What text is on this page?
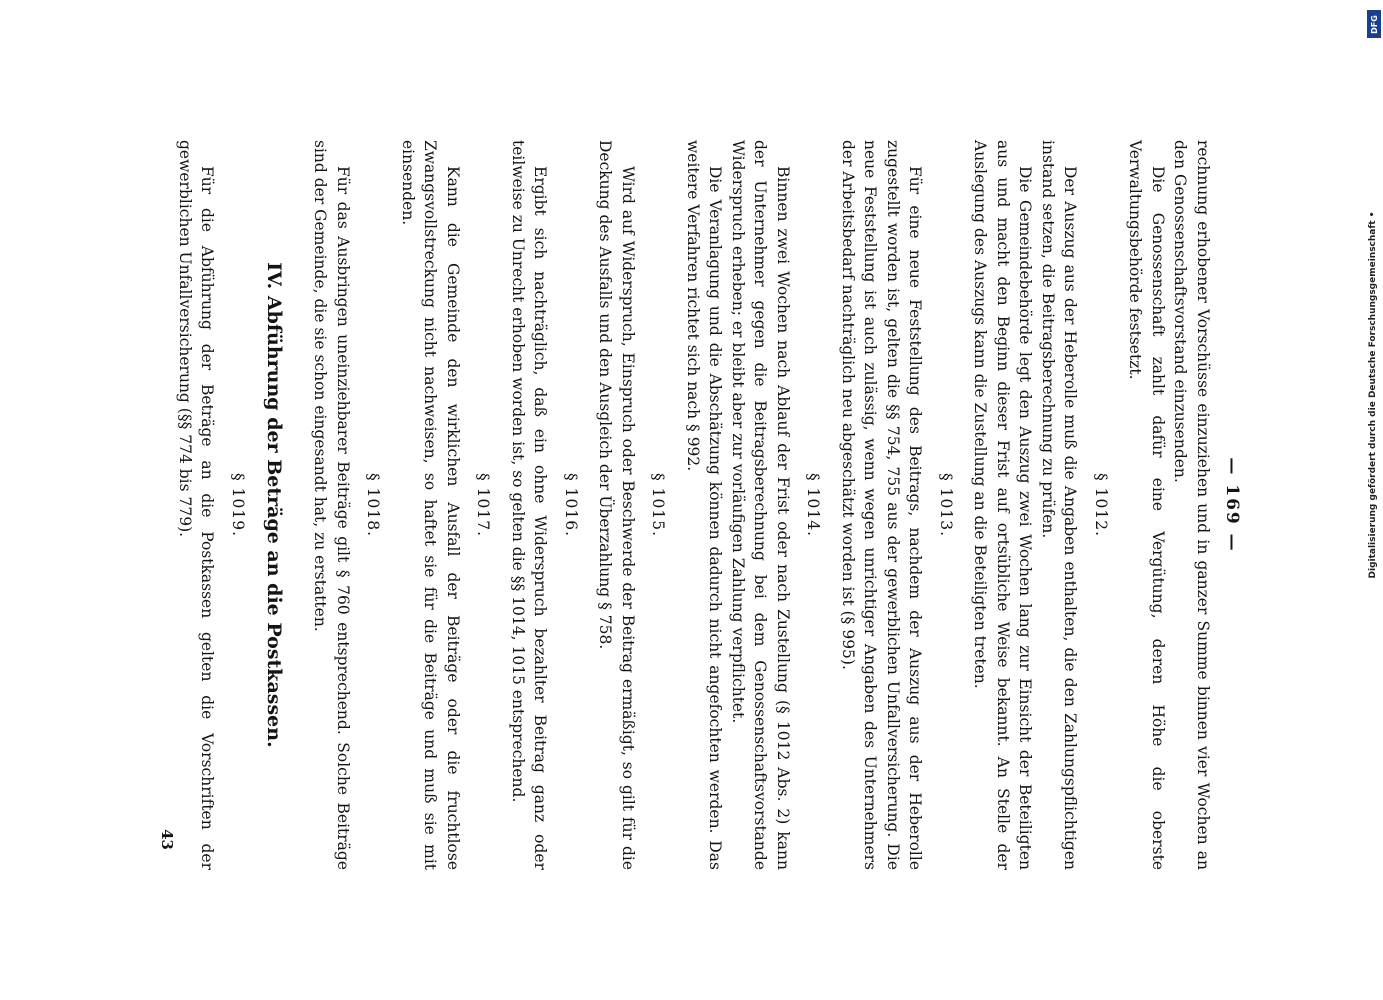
— 169 —

rechnung erhobener Vorschüsse einzuziehen und in ganzer Summe binnen vier Wochen an den Genossenschaftsvorstand einzusenden.

Die Genossenschaft zahlt dafür eine Vergütung, deren Höhe die oberste Verwaltungsbehörde festsetzt.

§ 1012.

Der Auszug aus der Heberolle muß die Angaben enthalten, die den Zahlungspflichtigen instand setzen, die Beitragsberechnung zu prüfen.

Die Gemeindebehörde legt den Auszug zwei Wochen lang zur Einsicht der Beteiligten aus und macht den Beginn dieser Frist auf ortsübliche Weise bekannt. An Stelle der Auslegung des Auszugs kann die Zustellung an die Beteiligten treten.

§ 1013.

Für eine neue Feststellung des Beitrags, nachdem der Auszug aus der Heberolle zugestellt worden ist, gelten die §§ 754, 755 aus der gewerblichen Unfallversicherung. Die neue Feststellung ist auch zulässig, wenn wegen unrichtiger Angaben des Unternehmers der Arbeitsbedarf nachträglich neu abgeschätzt worden ist (§ 995).

§ 1014.

Binnen zwei Wochen nach Ablauf der Frist oder nach Zustellung (§ 1012 Abs. 2) kann der Unternehmer gegen die Beitragsberechnung bei dem Genossenschaftsvorstande Widerspruch erheben; er bleibt aber zur vorläufigen Zahlung verpflichtet.

Die Veranlagung und die Abschätzung können dadurch nicht angefochten werden. Das weitere Verfahren richtet sich nach § 992.

§ 1015.

Wird auf Widerspruch, Einspruch oder Beschwerde der Beitrag ermäßigt, so gilt für die Deckung des Ausfalls und den Ausgleich der Überzahlung § 758.

§ 1016.

Ergibt sich nachträglich, daß ein ohne Widerspruch bezahlter Beitrag ganz oder teilweise zu Unrecht erhoben worden ist, so gelten die §§ 1014, 1015 entsprechend.

§ 1017.

Kann die Gemeinde den wirklichen Ausfall der Beiträge oder die fruchtlose Zwangsvollstreckung nicht nachweisen, so haftet sie für die Beiträge und muß sie mit einsenden.

§ 1018.

Für das Ausbringen uneinziehbarer Beiträge gilt § 760 entsprechend. Solche Beiträge sind der Gemeinde, die sie schon eingesandt hat, zu erstatten.

IV. Abführung der Beträge an die Postkassen.
§ 1019.

Für die Abführung der Beträge an die Postkassen gelten die Vorschriften der gewerblichen Unfallversicherung (§§ 774 bis 779).

43
DFG
Digitalisierung gefördert durch die Deutsche Forschungsgemeinschaft •
